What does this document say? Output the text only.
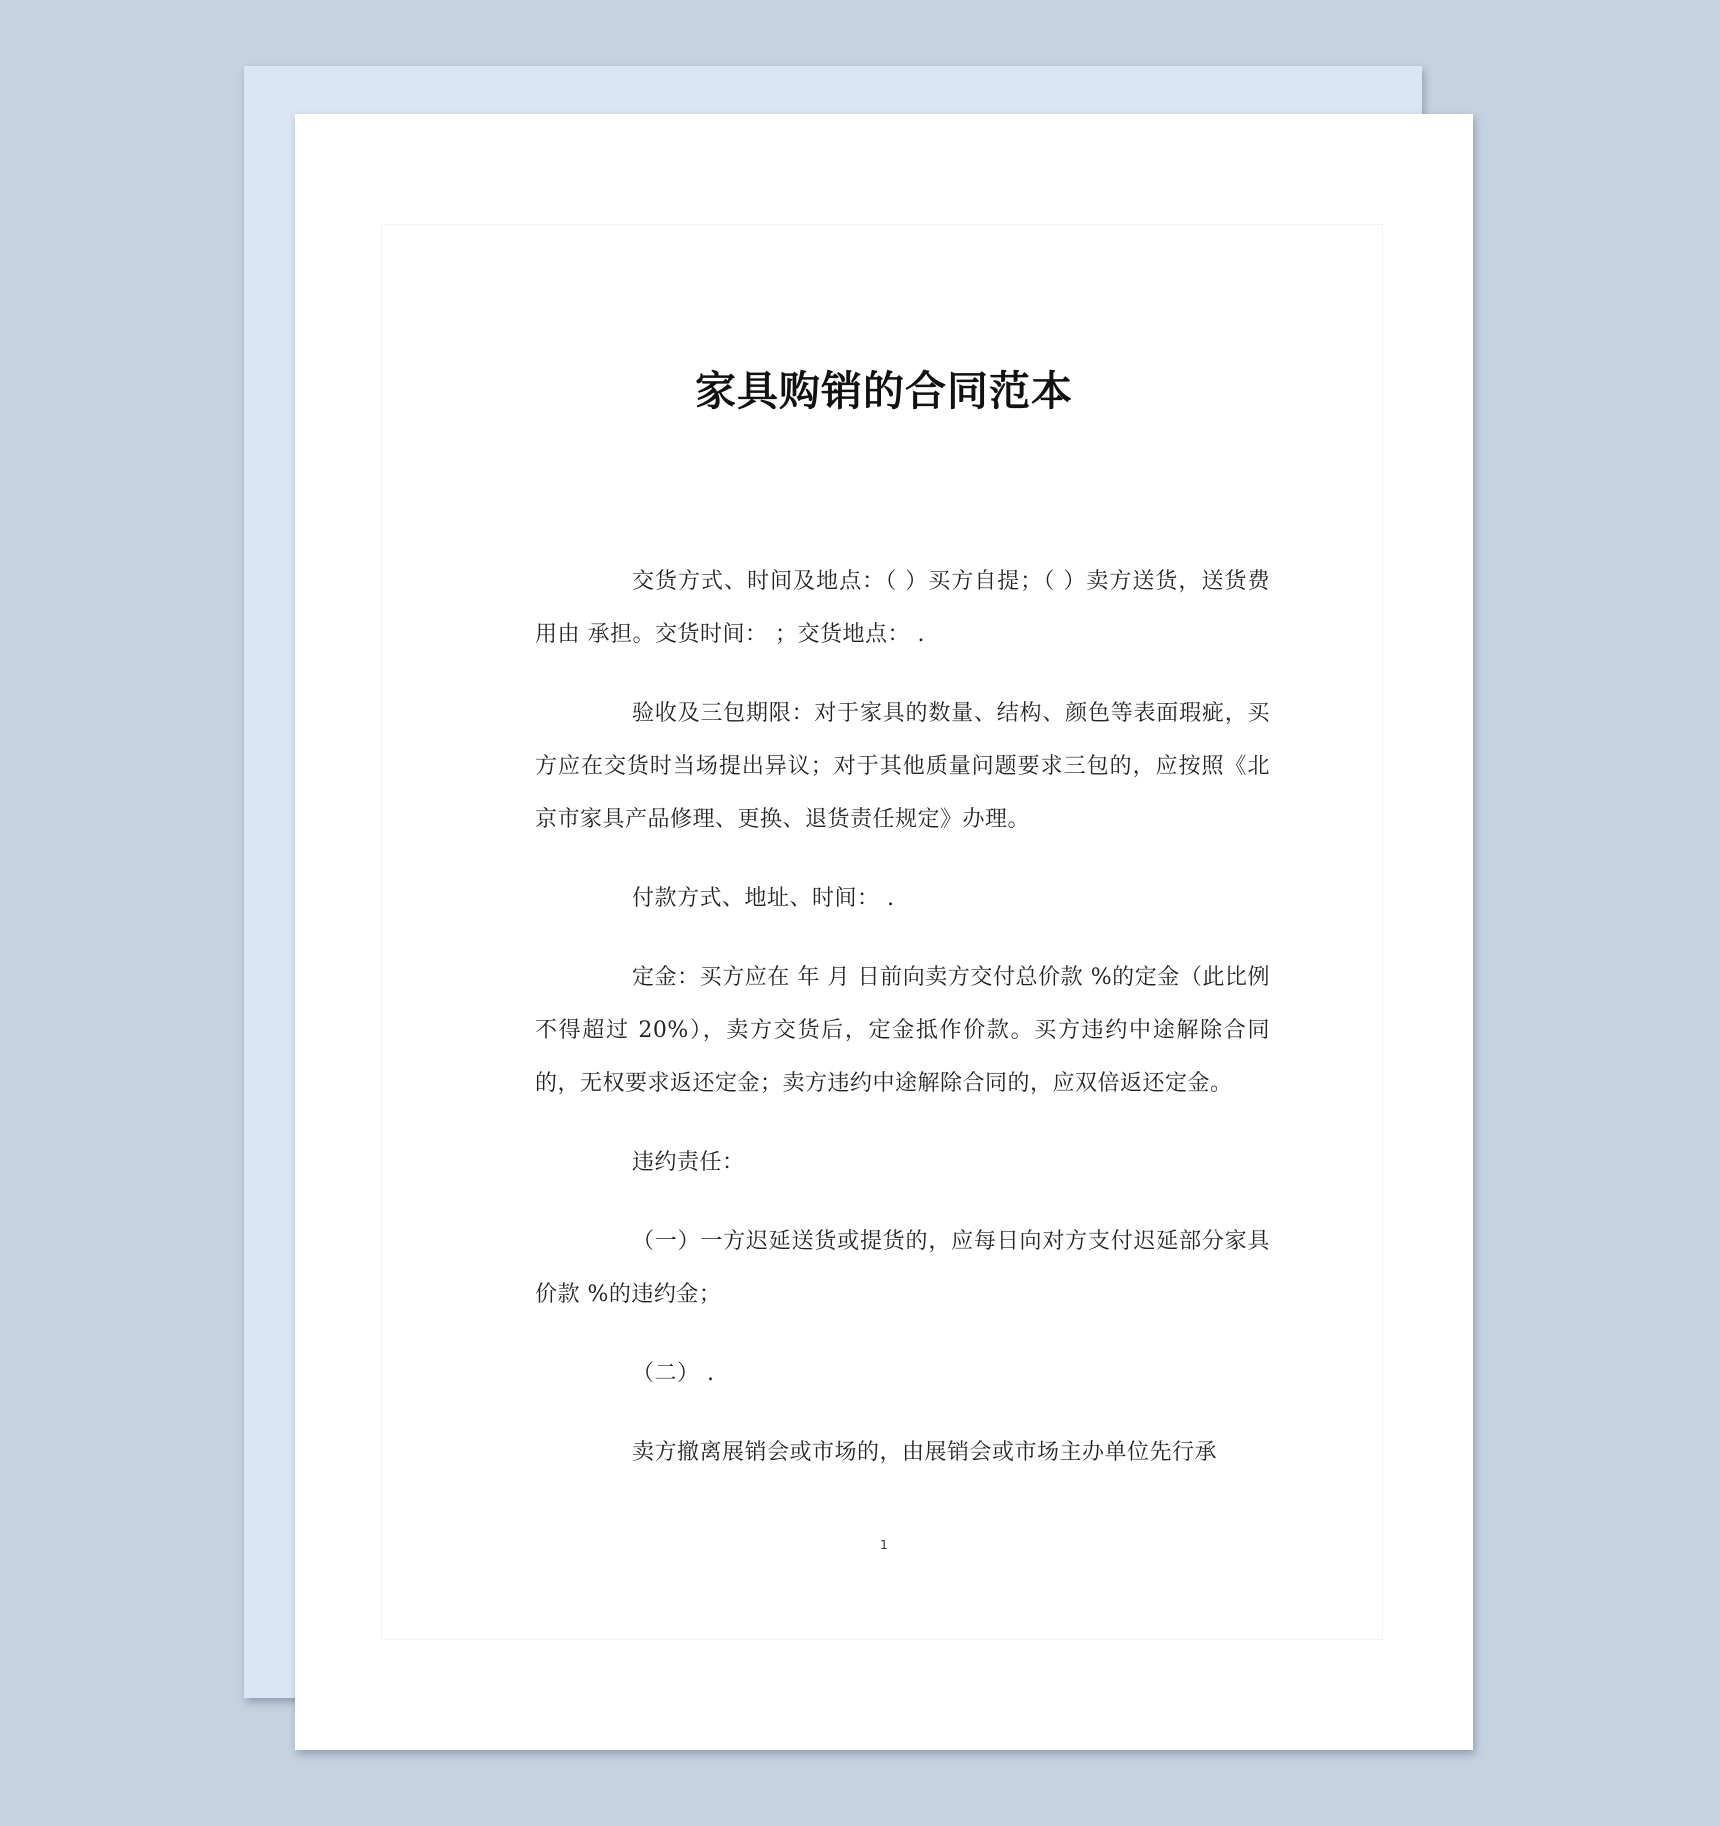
家具购销的合同范本

交货方式、时间及地点：（ ）买方自提；（ ）卖方送货，送货费用由 承担。交货时间： ；交货地点： .

验收及三包期限：对于家具的数量、结构、颜色等表面瑕疵，买方应在交货时当场提出异议；对于其他质量问题要求三包的，应按照《北京市家具产品修理、更换、退货责任规定》办理。

付款方式、地址、时间： .

定金：买方应在 年 月 日前向卖方交付总价款 %的定金（此比例不得超过 20%），卖方交货后，定金抵作价款。买方违约中途解除合同的，无权要求返还定金；卖方违约中途解除合同的，应双倍返还定金。

违约责任：

（一）一方迟延送货或提货的，应每日向对方支付迟延部分家具价款 %的违约金；

（二） .

卖方撤离展销会或市场的，由展销会或市场主办单位先行承

1
